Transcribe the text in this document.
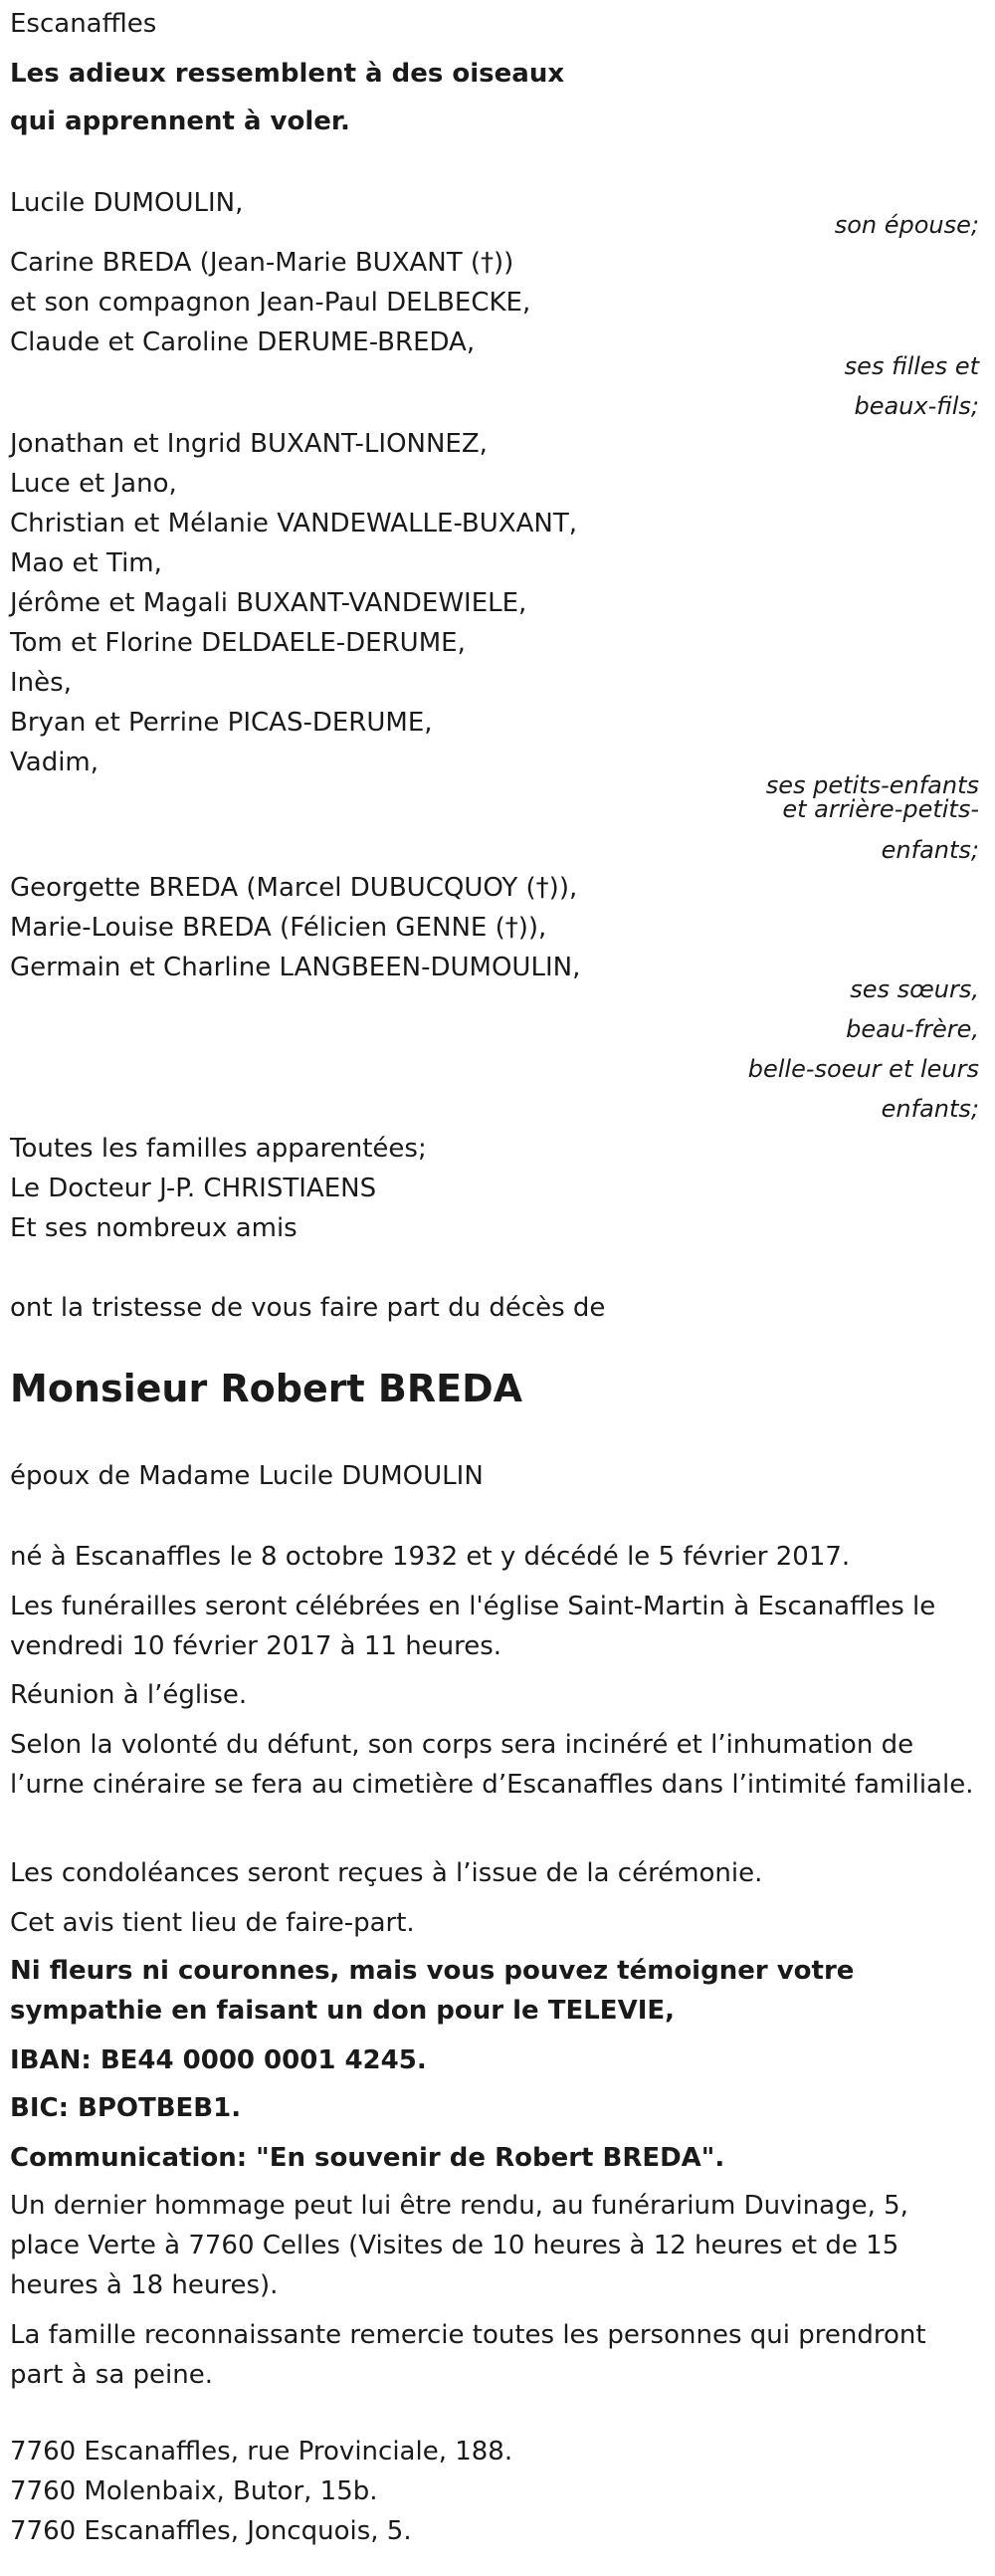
Escanaffles
Les adieux ressemblent à des oiseaux
qui apprennent à voler.
Lucile DUMOULIN,
son épouse;
Carine BREDA (Jean-Marie BUXANT (†))
et son compagnon Jean-Paul DELBECKE,
Claude et Caroline DERUME-BREDA,
ses filles et
beaux-fils;
Jonathan et Ingrid BUXANT-LIONNEZ,
Luce et Jano,
Christian et Mélanie VANDEWALLE-BUXANT,
Mao et Tim,
Jérôme et Magali BUXANT-VANDEWIELE,
Tom et Florine DELDAELE-DERUME,
Inès,
Bryan et Perrine PICAS-DERUME,
Vadim,
ses petits-enfants
et arrière-petits-
enfants;
Georgette BREDA (Marcel DUBUCQUOY (†)),
Marie-Louise BREDA (Félicien GENNE (†)),
Germain et Charline LANGBEEN-DUMOULIN,
ses sœurs,
beau-frère,
belle-soeur et leurs
enfants;
Toutes les familles apparentées;
Le Docteur J-P. CHRISTIAENS
Et ses nombreux amis
ont la tristesse de vous faire part du décès de
Monsieur Robert BREDA
époux de Madame Lucile DUMOULIN
né à Escanaffles le 8 octobre 1932 et y décédé le 5 février 2017.
Les funérailles seront célébrées en l'église Saint-Martin à Escanaffles le vendredi 10 février 2017 à 11 heures.
Réunion à l’église.
Selon la volonté du défunt, son corps sera incinéré et l’inhumation de l’urne cinéraire se fera au cimetière d’Escanaffles dans l’intimité familiale.
Les condoléances seront reçues à l’issue de la cérémonie.
Cet avis tient lieu de faire-part.
Ni fleurs ni couronnes, mais vous pouvez témoigner votre sympathie en faisant un don pour le TELEVIE,
IBAN: BE44 0000 0001 4245.
BIC: BPOTBEB1.
Communication: "En souvenir de Robert BREDA".
Un dernier hommage peut lui être rendu, au funérarium Duvinage, 5, place Verte à 7760 Celles (Visites de 10 heures à 12 heures et de 15 heures à 18 heures).
La famille reconnaissante remercie toutes les personnes qui prendront part à sa peine.
7760 Escanaffles, rue Provinciale, 188.
7760 Molenbaix, Butor, 15b.
7760 Escanaffles, Joncquois, 5.
